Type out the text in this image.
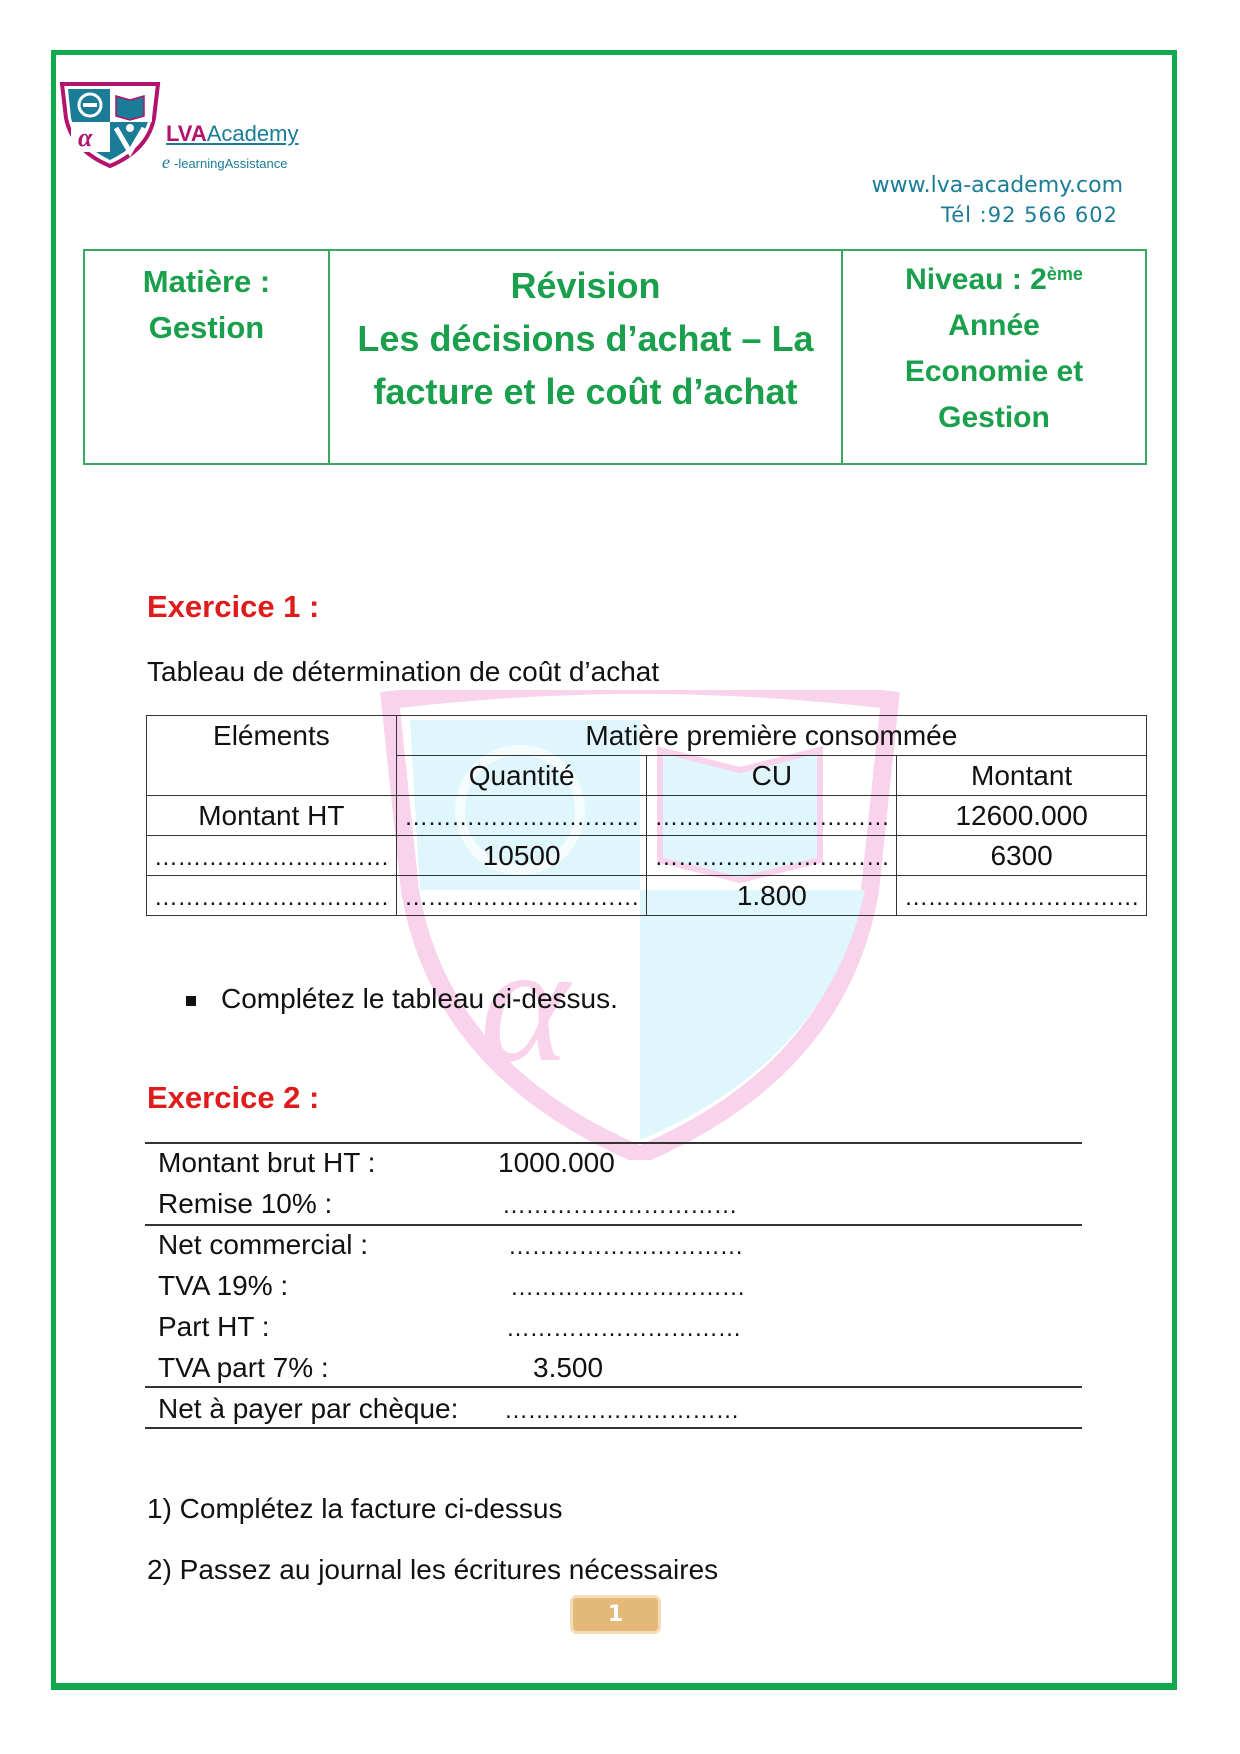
α	LVAAcademy
e -learningAssistance
www.lva-academy.com
Tél :92 566 602
Matière :
Gestion
Révision
Les décisions d’achat – La
facture et le coût d’achat
Niveau : 2ème
Année
Economie et
Gestion
α
Exercice 1 :
Tableau de détermination de coût d’achat
Eléments	Matière première consommée		
	Quantité	CU	Montant
Montant HT	…………………………	…………………………	12600.000
…………………………	10500	…………………………	6300
…………………………	…………………………	1.800	…………………………
Complétez le tableau ci-dessus.
Exercice 2 :
Montant brut HT :	1000.000
Remise 10% :	…………………………
Net commercial :	…………………………
TVA 19% :	…………………………
Part HT :	…………………………
TVA part 7% :	3.500
Net à payer par chèque: …………………………
1) Complétez la facture ci-dessus
2) Passez au journal les écritures nécessaires
1
